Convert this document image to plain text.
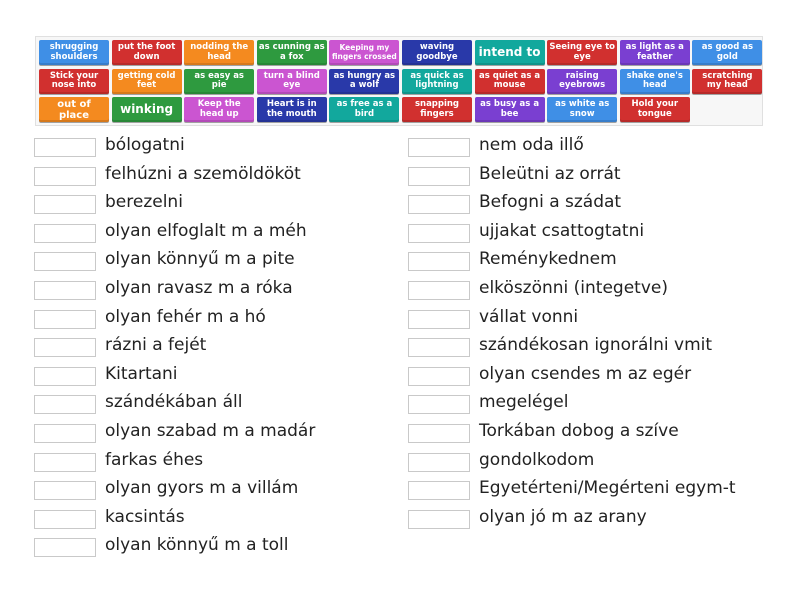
shrugging shoulders
put the foot down
nodding the head
as cunning as a fox
Keeping my fingers crossed
waving goodbye	intend to	Seeing eye to eye
as light as a feather
as good as gold
Stick your nose into
getting cold feet
as easy as pie
turn a blind eye
as hungry as a wolf
as quick as lightning
as quiet as a mouse
raising eyebrows
shake one's head
scratching my head
out of place	winking	Keep the head up
Heart is in the mouth
as free as a bird
snapping fingers
as busy as a bee
as white as snow
Hold your tongue
bólogatni
felhúzni a szemöldököt
berezelni
olyan elfoglalt m a méh
olyan könnyű m a pite
olyan ravasz m a róka
olyan fehér m a hó
rázni a fejét
Kitartani
szándékában áll
olyan szabad m a madár
farkas éhes
olyan gyors m a villám
kacsintás
olyan könnyű m a toll
nem oda illő
Beleütni az orrát
Befogni a szádat
ujjakat csattogtatni
Reménykednem
elköszönni (integetve)
vállat vonni
szándékosan ignorálni vmit
olyan csendes m az egér
megelégel
Torkában dobog a szíve
gondolkodom
Egyetérteni/Megérteni egym-t
olyan jó m az arany
